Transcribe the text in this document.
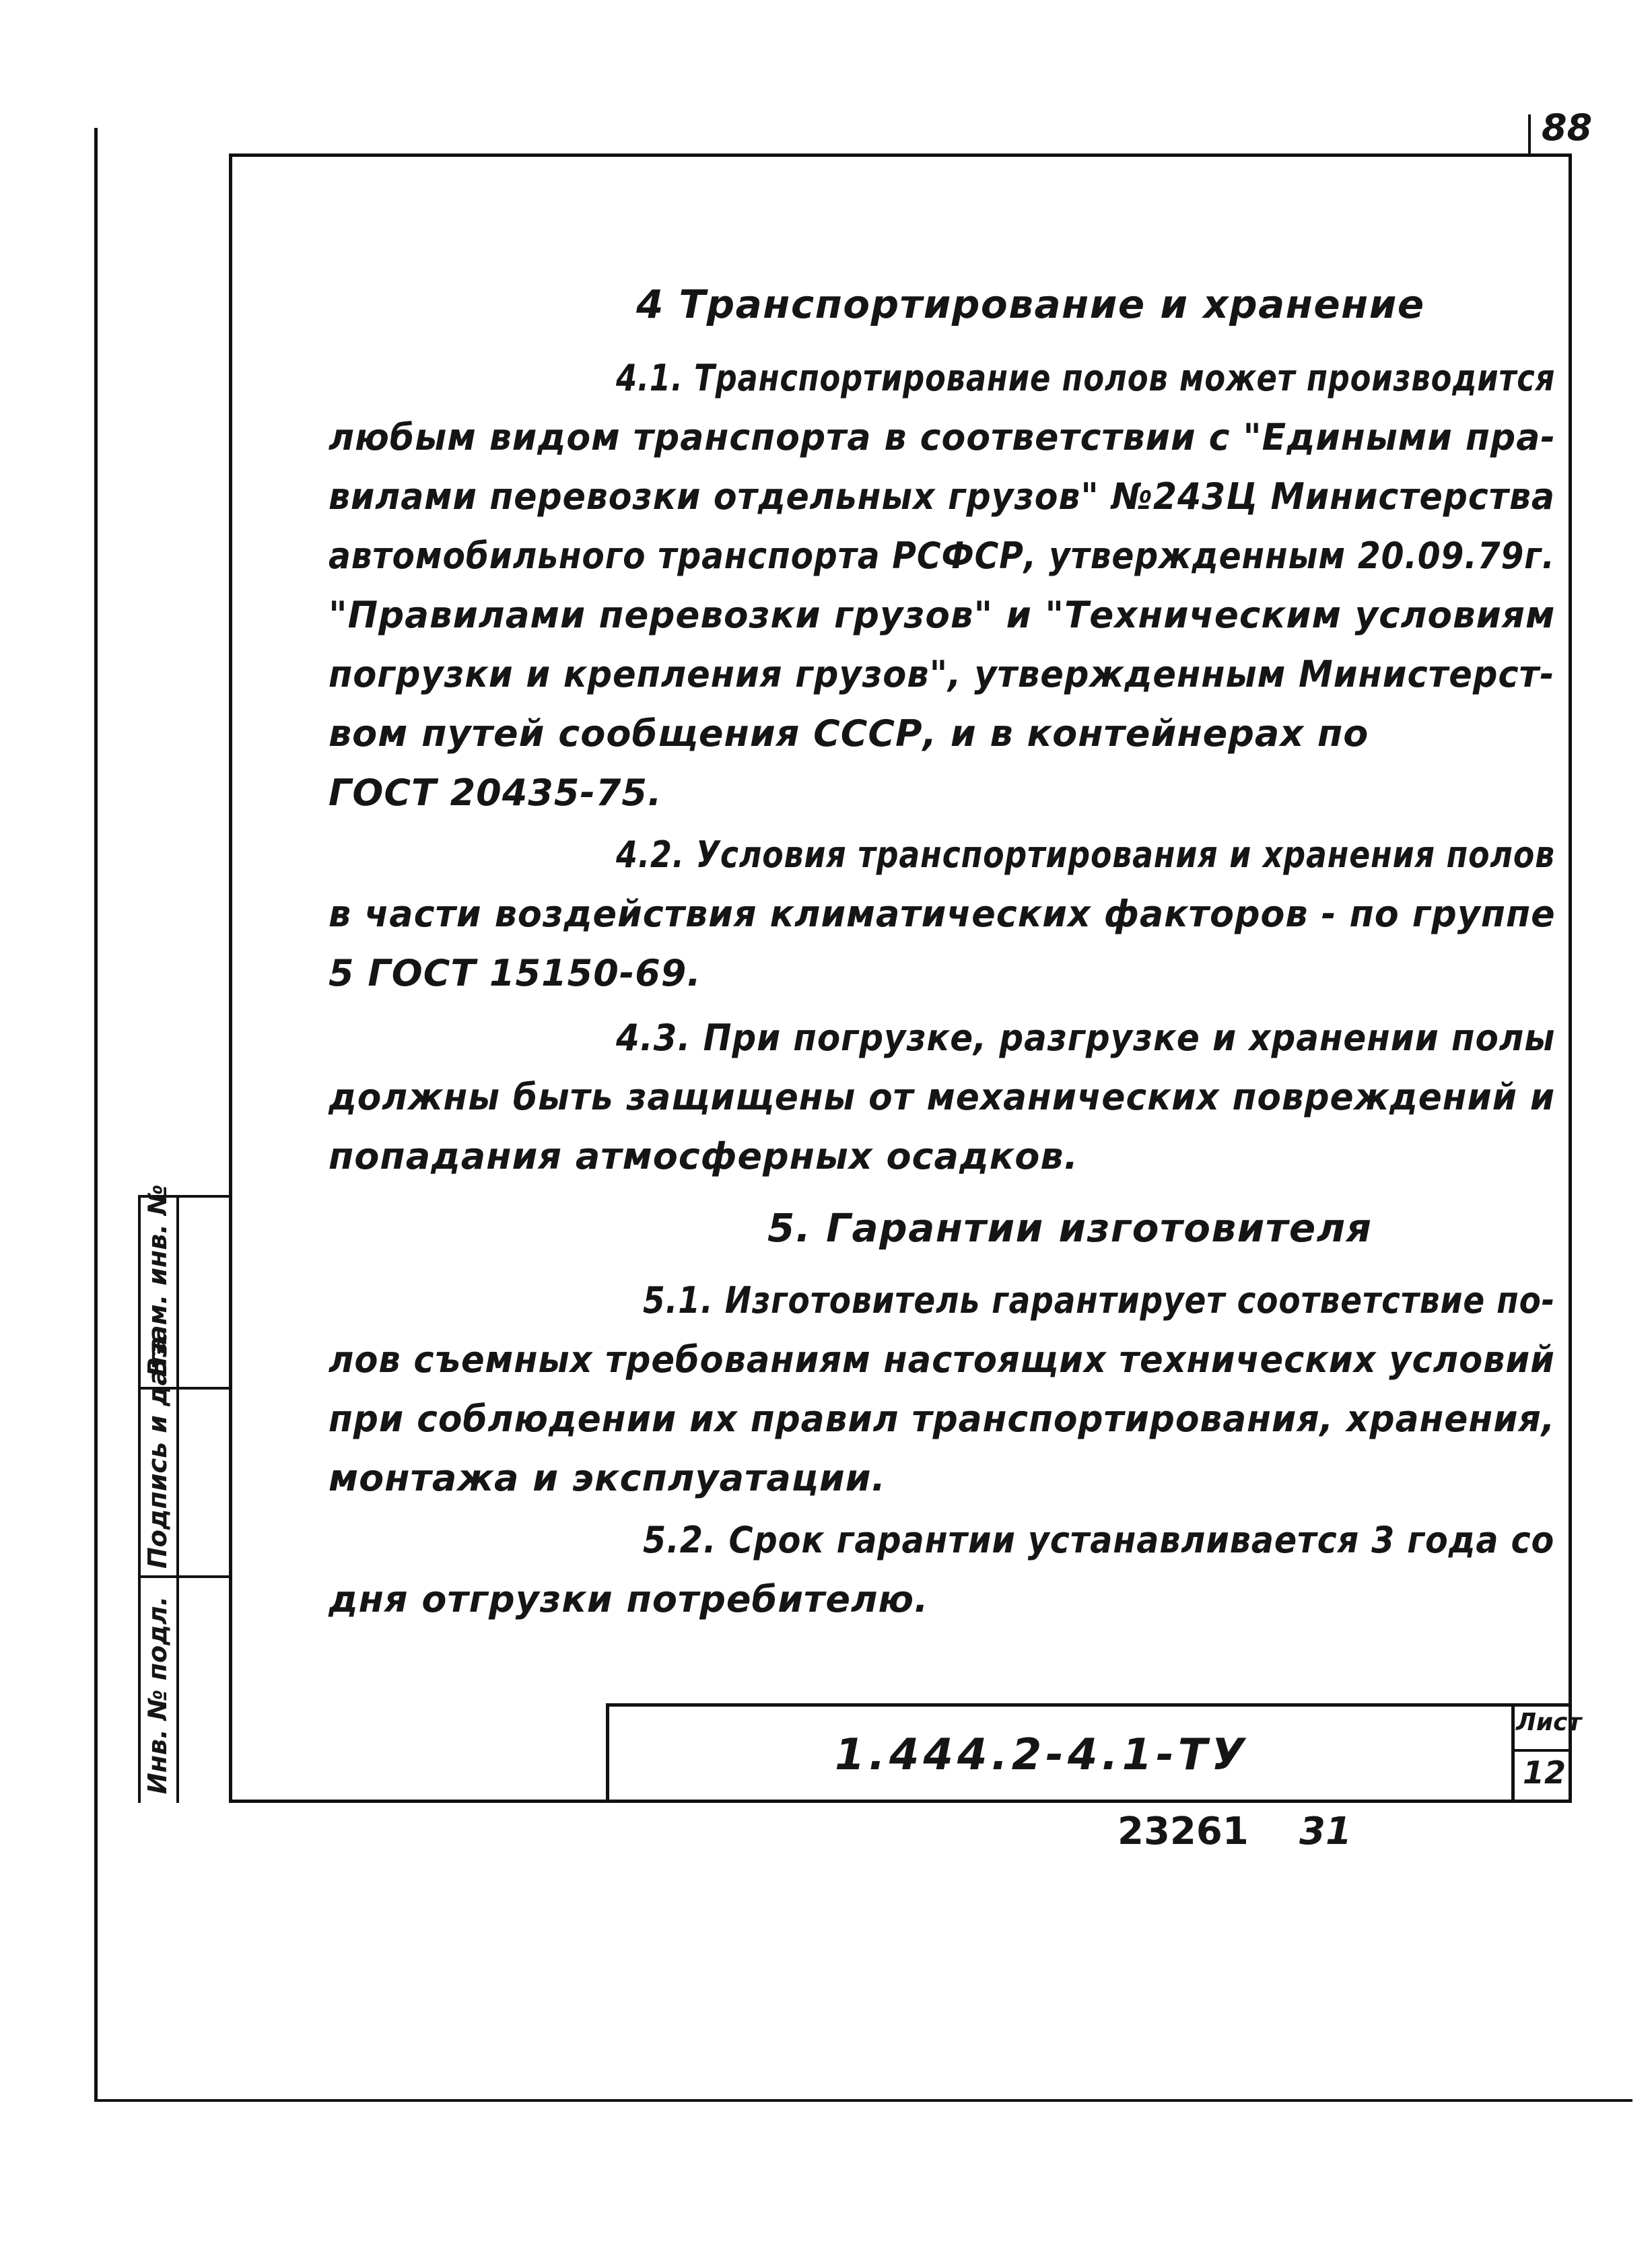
88
Взам. инв. №
Подпись и дата
Инв. № подл.	Лист
12
1.444.2-4.1-ТУ
23261 31
4 Транспортирование и хранение
4.1. Транспортирование полов может производится
любым видом транспорта в соответствии с "Едиными пра-
вилами перевозки отдельных грузов" №243Ц Министерства
автомобильного транспорта РСФСР, утвержденным 20.09.79г.
"Правилами перевозки грузов" и "Техническим условиям
погрузки и крепления грузов", утвержденным Министерст-
вом путей сообщения СССР, и в контейнерах по
ГОСТ 20435-75.
4.2. Условия транспортирования и хранения полов
в части воздействия климатических факторов - по группе
5 ГОСТ 15150-69.
4.3. При погрузке, разгрузке и хранении полы
должны быть защищены от механических повреждений и
попадания атмосферных осадков.
5. Гарантии изготовителя
5.1. Изготовитель гарантирует соответствие по-
лов съемных требованиям настоящих технических условий
при соблюдении их правил транспортирования, хранения,
монтажа и эксплуатации.
5.2. Срок гарантии устанавливается 3 года со
дня отгрузки потребителю.
